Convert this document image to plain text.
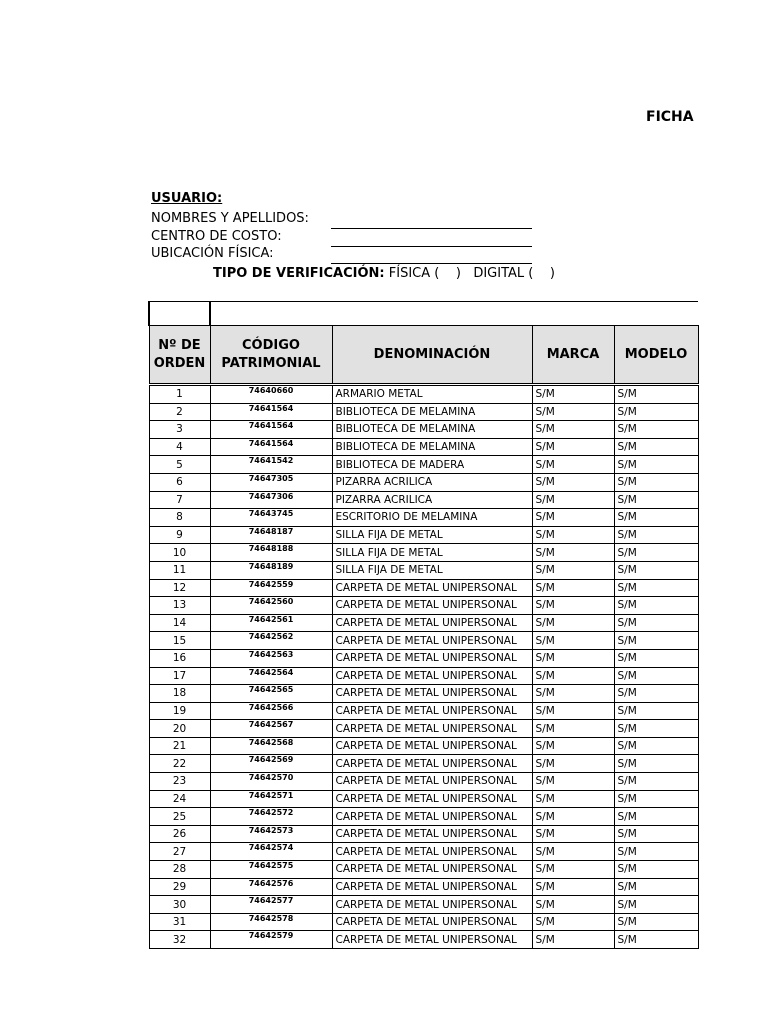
FICHA
USUARIO:
NOMBRES Y APELLIDOS:
CENTRO DE COSTO:
UBICACIÓN FÍSICA:
TIPO DE VERIFICACIÓN: FÍSICA (    )   DIGITAL (    )

Nº DE ORDEN	CÓDIGO PATRIMONIAL	DENOMINACIÓN	MARCA	MODELO

1	74640660	ARMARIO METAL	S/M	S/M
2	74641564	BIBLIOTECA DE MELAMINA	S/M	S/M
3	74641564	BIBLIOTECA DE MELAMINA	S/M	S/M
4	74641564	BIBLIOTECA DE MELAMINA	S/M	S/M
5	74641542	BIBLIOTECA DE MADERA	S/M	S/M
6	74647305	PIZARRA ACRILICA	S/M	S/M
7	74647306	PIZARRA ACRILICA	S/M	S/M
8	74643745	ESCRITORIO DE MELAMINA	S/M	S/M
9	74648187	SILLA FIJA DE METAL	S/M	S/M
10	74648188	SILLA FIJA DE METAL	S/M	S/M
11	74648189	SILLA FIJA DE METAL	S/M	S/M
12	74642559	CARPETA DE METAL UNIPERSONAL	S/M	S/M
13	74642560	CARPETA DE METAL UNIPERSONAL	S/M	S/M
14	74642561	CARPETA DE METAL UNIPERSONAL	S/M	S/M
15	74642562	CARPETA DE METAL UNIPERSONAL	S/M	S/M
16	74642563	CARPETA DE METAL UNIPERSONAL	S/M	S/M
17	74642564	CARPETA DE METAL UNIPERSONAL	S/M	S/M
18	74642565	CARPETA DE METAL UNIPERSONAL	S/M	S/M
19	74642566	CARPETA DE METAL UNIPERSONAL	S/M	S/M
20	74642567	CARPETA DE METAL UNIPERSONAL	S/M	S/M
21	74642568	CARPETA DE METAL UNIPERSONAL	S/M	S/M
22	74642569	CARPETA DE METAL UNIPERSONAL	S/M	S/M
23	74642570	CARPETA DE METAL UNIPERSONAL	S/M	S/M
24	74642571	CARPETA DE METAL UNIPERSONAL	S/M	S/M
25	74642572	CARPETA DE METAL UNIPERSONAL	S/M	S/M
26	74642573	CARPETA DE METAL UNIPERSONAL	S/M	S/M
27	74642574	CARPETA DE METAL UNIPERSONAL	S/M	S/M
28	74642575	CARPETA DE METAL UNIPERSONAL	S/M	S/M
29	74642576	CARPETA DE METAL UNIPERSONAL	S/M	S/M
30	74642577	CARPETA DE METAL UNIPERSONAL	S/M	S/M
31	74642578	CARPETA DE METAL UNIPERSONAL	S/M	S/M
32	74642579	CARPETA DE METAL UNIPERSONAL	S/M	S/M
